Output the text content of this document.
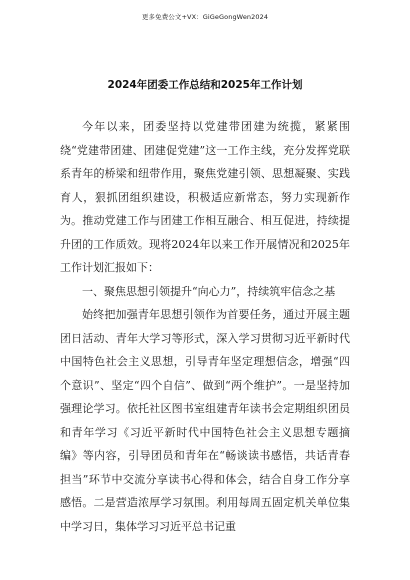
更多免费公文+VX：GiGeGongWen2024
2024年团委工作总结和2025年工作计划

今年以来，团委坚持以党建带团建为统揽，紧紧围绕“党建带团建、团建促党建”这一工作主线，充分发挥党联系青年的桥梁和纽带作用，聚焦党建引领、思想凝聚、实践育人，狠抓团组织建设，积极适应新常态，努力实现新作为。推动党建工作与团建工作相互融合、相互促进，持续提升团的工作质效。现将2024年以来工作开展情况和2025年工作计划汇报如下：

一、聚焦思想引领提升“向心力”，持续筑牢信念之基

始终把加强青年思想引领作为首要任务，通过开展主题团日活动、青年大学习等形式，深入学习贯彻习近平新时代中国特色社会主义思想，引导青年坚定理想信念，增强“四个意识”、坚定“四个自信”、做到“两个维护”。一是坚持加强理论学习。依托社区图书室组建青年读书会定期组织团员和青年学习《习近平新时代中国特色社会主义思想专题摘编》等内容，引导团员和青年在“畅谈读书感悟，共话青春担当”环节中交流分享读书心得和体会，结合自身工作分享感悟。二是营造浓厚学习氛围。利用每周五固定机关单位集中学习日，集体学习习近平总书记重
